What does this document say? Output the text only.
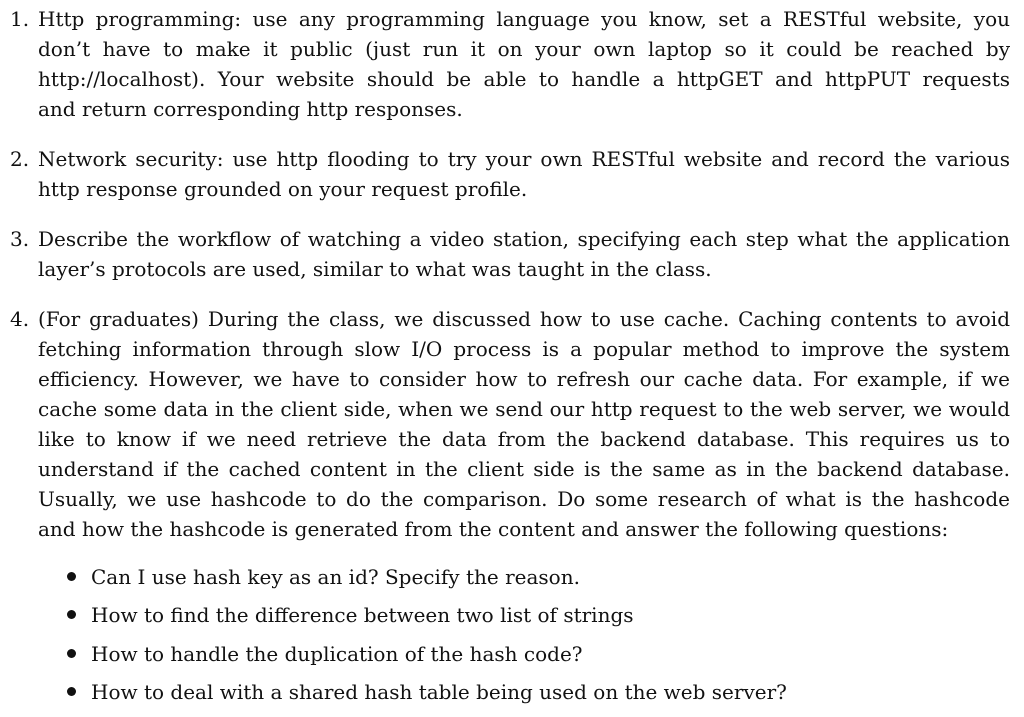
1. Http programming: use any programming language you know, set a RESTful website, you
don’t have to make it public (just run it on your own laptop so it could be reached by
http://localhost). Your website should be able to handle a httpGET and httpPUT requests
and return corresponding http responses.
2. Network security: use http flooding to try your own RESTful website and record the various
http response grounded on your request profile.
3. Describe the workflow of watching a video station, specifying each step what the application
layer’s protocols are used, similar to what was taught in the class.
4. (For graduates) During the class, we discussed how to use cache. Caching contents to avoid
fetching information through slow I/O process is a popular method to improve the system
efficiency. However, we have to consider how to refresh our cache data. For example, if we
cache some data in the client side, when we send our http request to the web server, we would
like to know if we need retrieve the data from the backend database. This requires us to
understand if the cached content in the client side is the same as in the backend database.
Usually, we use hashcode to do the comparison. Do some research of what is the hashcode
and how the hashcode is generated from the content and answer the following questions:
Can I use hash key as an id? Specify the reason.
How to find the difference between two list of strings
How to handle the duplication of the hash code?
How to deal with a shared hash table being used on the web server?
